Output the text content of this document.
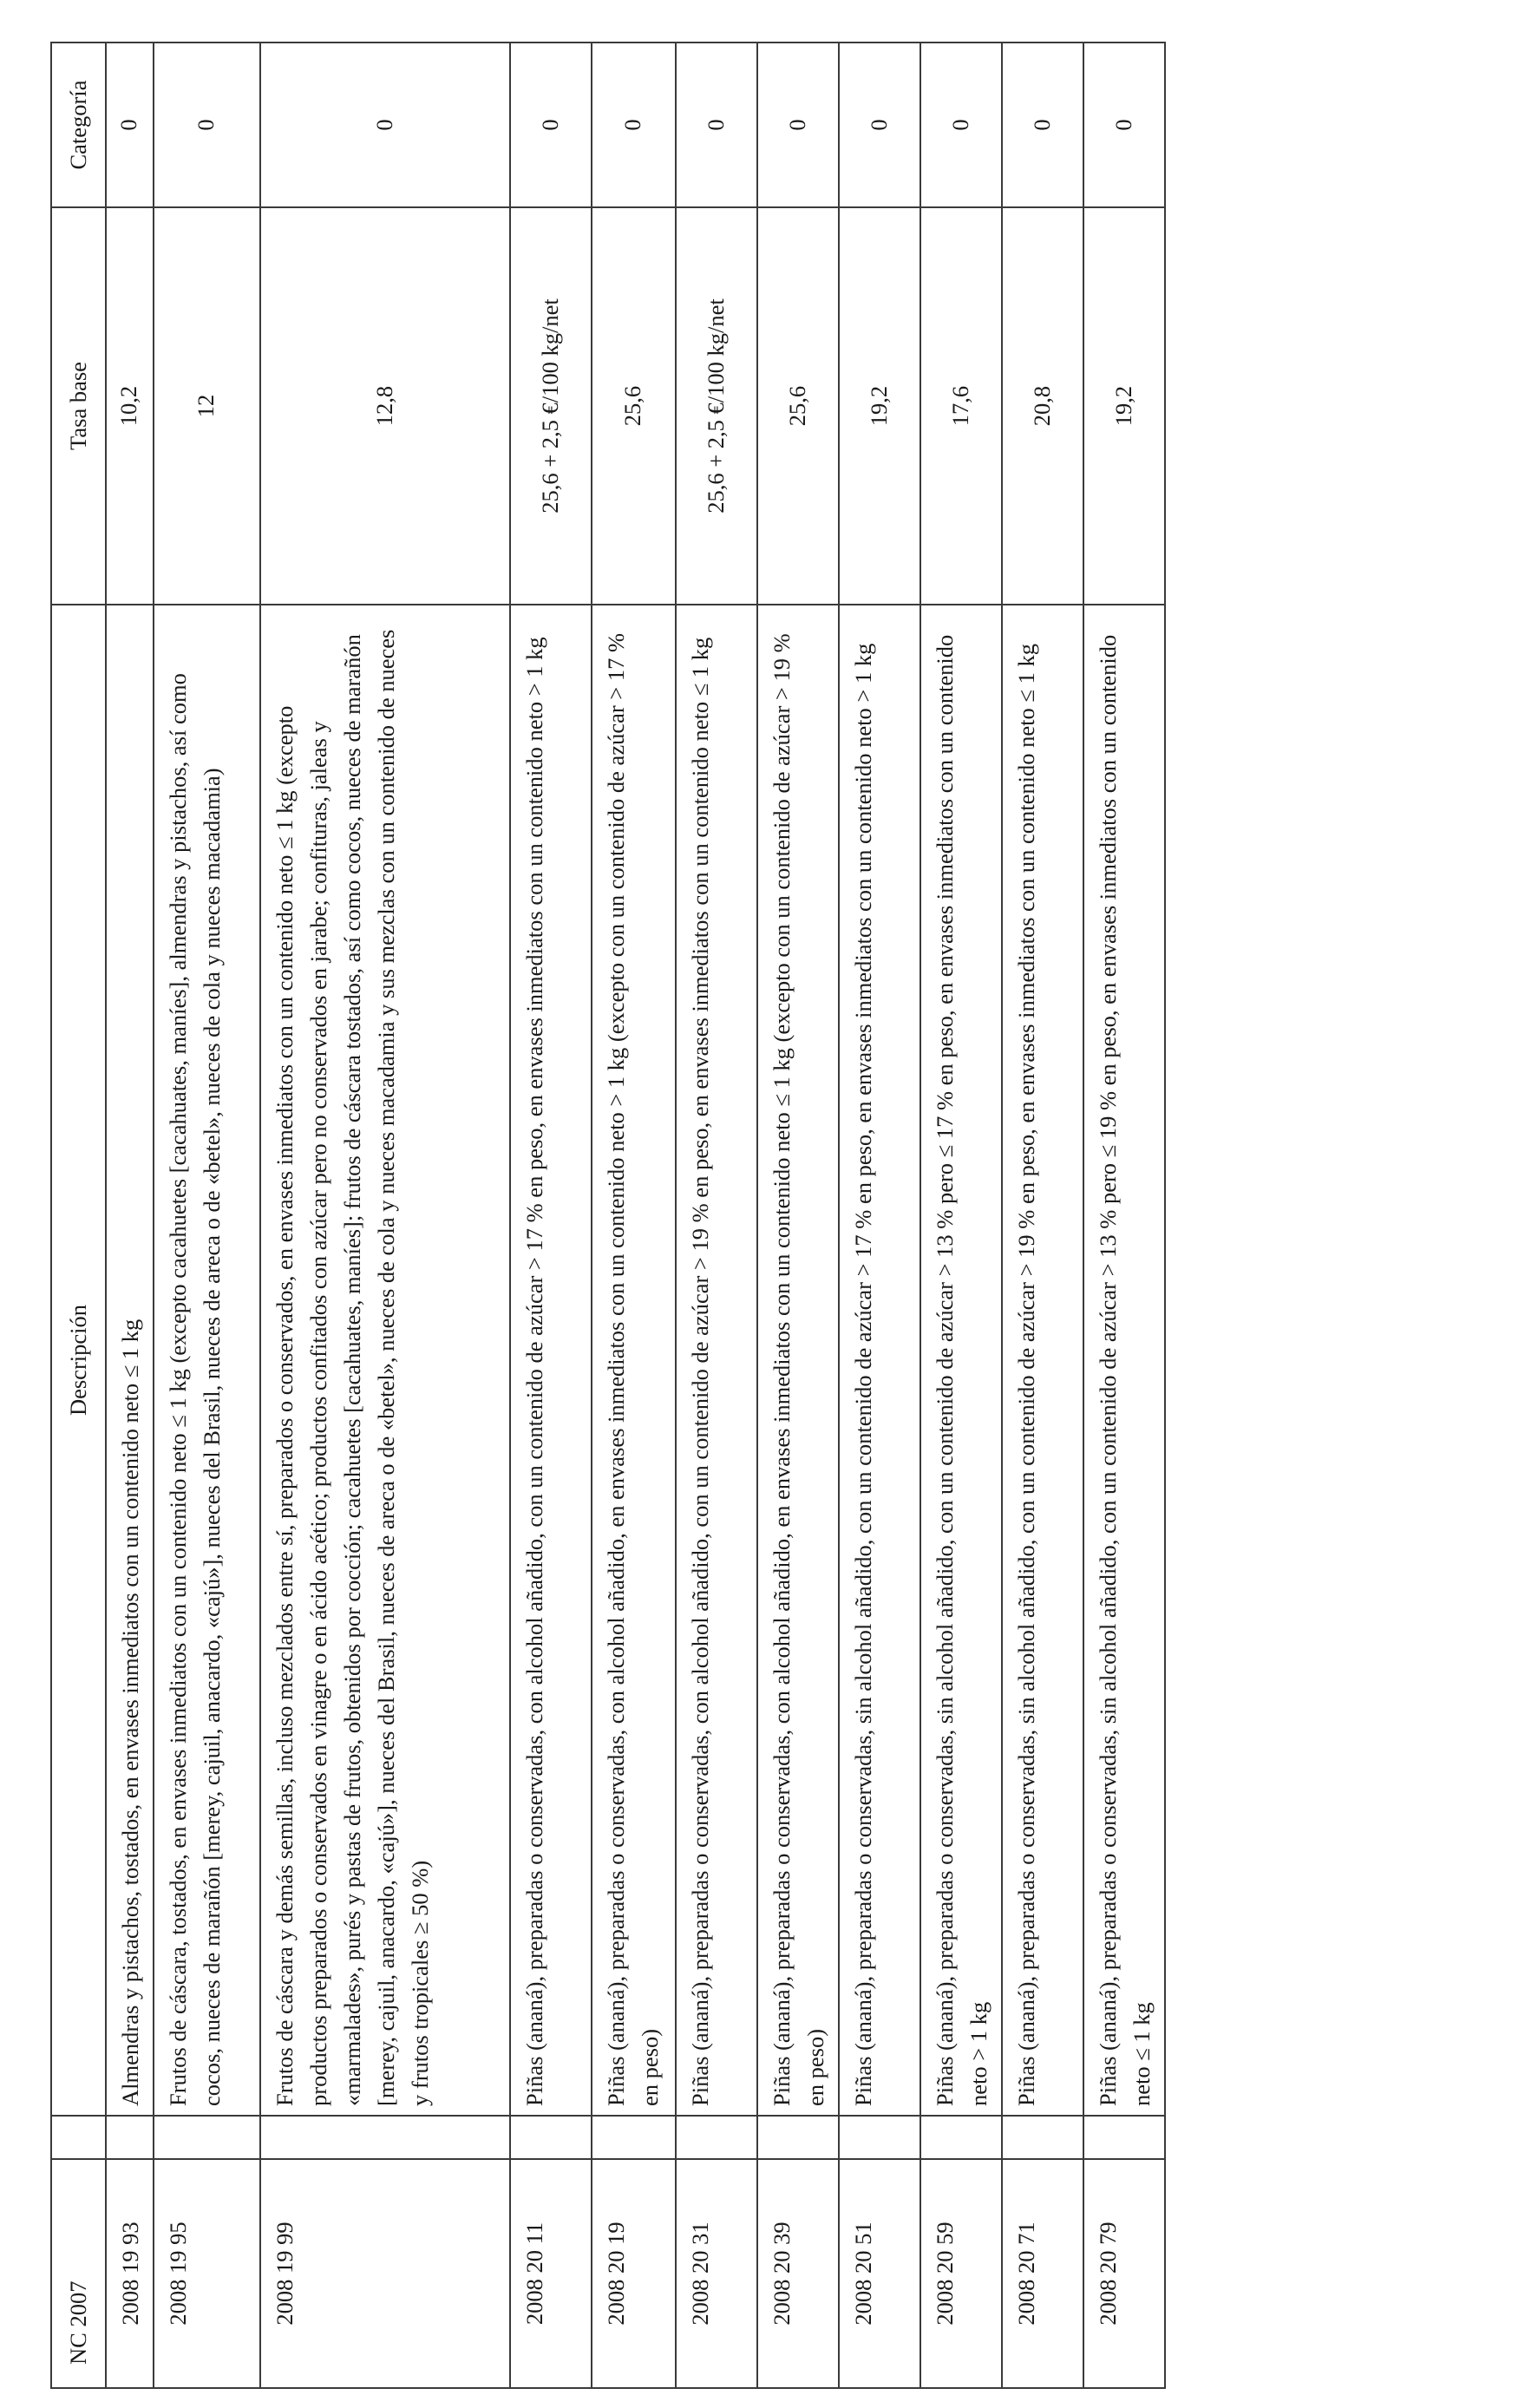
NC 2007		Descripción	Tasa base	Categoría
2008 19 93		Almendras y pistachos, tostados, en envases inmediatos con un contenido neto ≤ 1 kg	10,2	0
2008 19 95		Frutos de cáscara, tostados, en envases inmediatos con un contenido neto ≤ 1 kg (excepto cacahuetes [cacahuates, maníes], almendras y pistachos, así como cocos, nueces de marañón [merey, cajuil, anacardo, «cajú»], nueces del Brasil, nueces de areca o de «betel», nueces de cola y nueces macadamia)	12	0
2008 19 99		Frutos de cáscara y demás semillas, incluso mezclados entre sí, preparados o conservados, en envases inmediatos con un contenido neto ≤ 1 kg (excepto productos preparados o conservados en vinagre o en ácido acético; productos confitados con azúcar pero no conservados en jarabe; confituras, jaleas y «marmalades», purés y pastas de frutos, obtenidos por cocción; cacahuetes [cacahuates, maníes]; frutos de cáscara tostados, así como cocos, nueces de marañón [merey, cajuil, anacardo, «cajú»], nueces del Brasil, nueces de areca o de «betel», nueces de cola y nueces macadamia y sus mezclas con un contenido de nueces y frutos tropicales ≥ 50 %)	12,8	0
2008 20 11		Piñas (ananá), preparadas o conservadas, con alcohol añadido, con un contenido de azúcar > 17 % en peso, en envases inmediatos con un contenido neto > 1 kg	25,6 + 2,5 €/100 kg/net	0
2008 20 19		Piñas (ananá), preparadas o conservadas, con alcohol añadido, en envases inmediatos con un contenido neto > 1 kg (excepto con un contenido de azúcar > 17 % en peso)	25,6	0
2008 20 31		Piñas (ananá), preparadas o conservadas, con alcohol añadido, con un contenido de azúcar > 19 % en peso, en envases inmediatos con un contenido neto ≤ 1 kg	25,6 + 2,5 €/100 kg/net	0
2008 20 39		Piñas (ananá), preparadas o conservadas, con alcohol añadido, en envases inmediatos con un contenido neto ≤ 1 kg (excepto con un contenido de azúcar > 19 % en peso)	25,6	0
2008 20 51		Piñas (ananá), preparadas o conservadas, sin alcohol añadido, con un contenido de azúcar > 17 % en peso, en envases inmediatos con un contenido neto > 1 kg	19,2	0
2008 20 59		Piñas (ananá), preparadas o conservadas, sin alcohol añadido, con un contenido de azúcar > 13 % pero ≤ 17 % en peso, en envases inmediatos con un contenido neto > 1 kg	17,6	0
2008 20 71		Piñas (ananá), preparadas o conservadas, sin alcohol añadido, con un contenido de azúcar > 19 % en peso, en envases inmediatos con un contenido neto ≤ 1 kg	20,8	0
2008 20 79		Piñas (ananá), preparadas o conservadas, sin alcohol añadido, con un contenido de azúcar > 13 % pero ≤ 19 % en peso, en envases inmediatos con un contenido neto ≤ 1 kg	19,2	0
